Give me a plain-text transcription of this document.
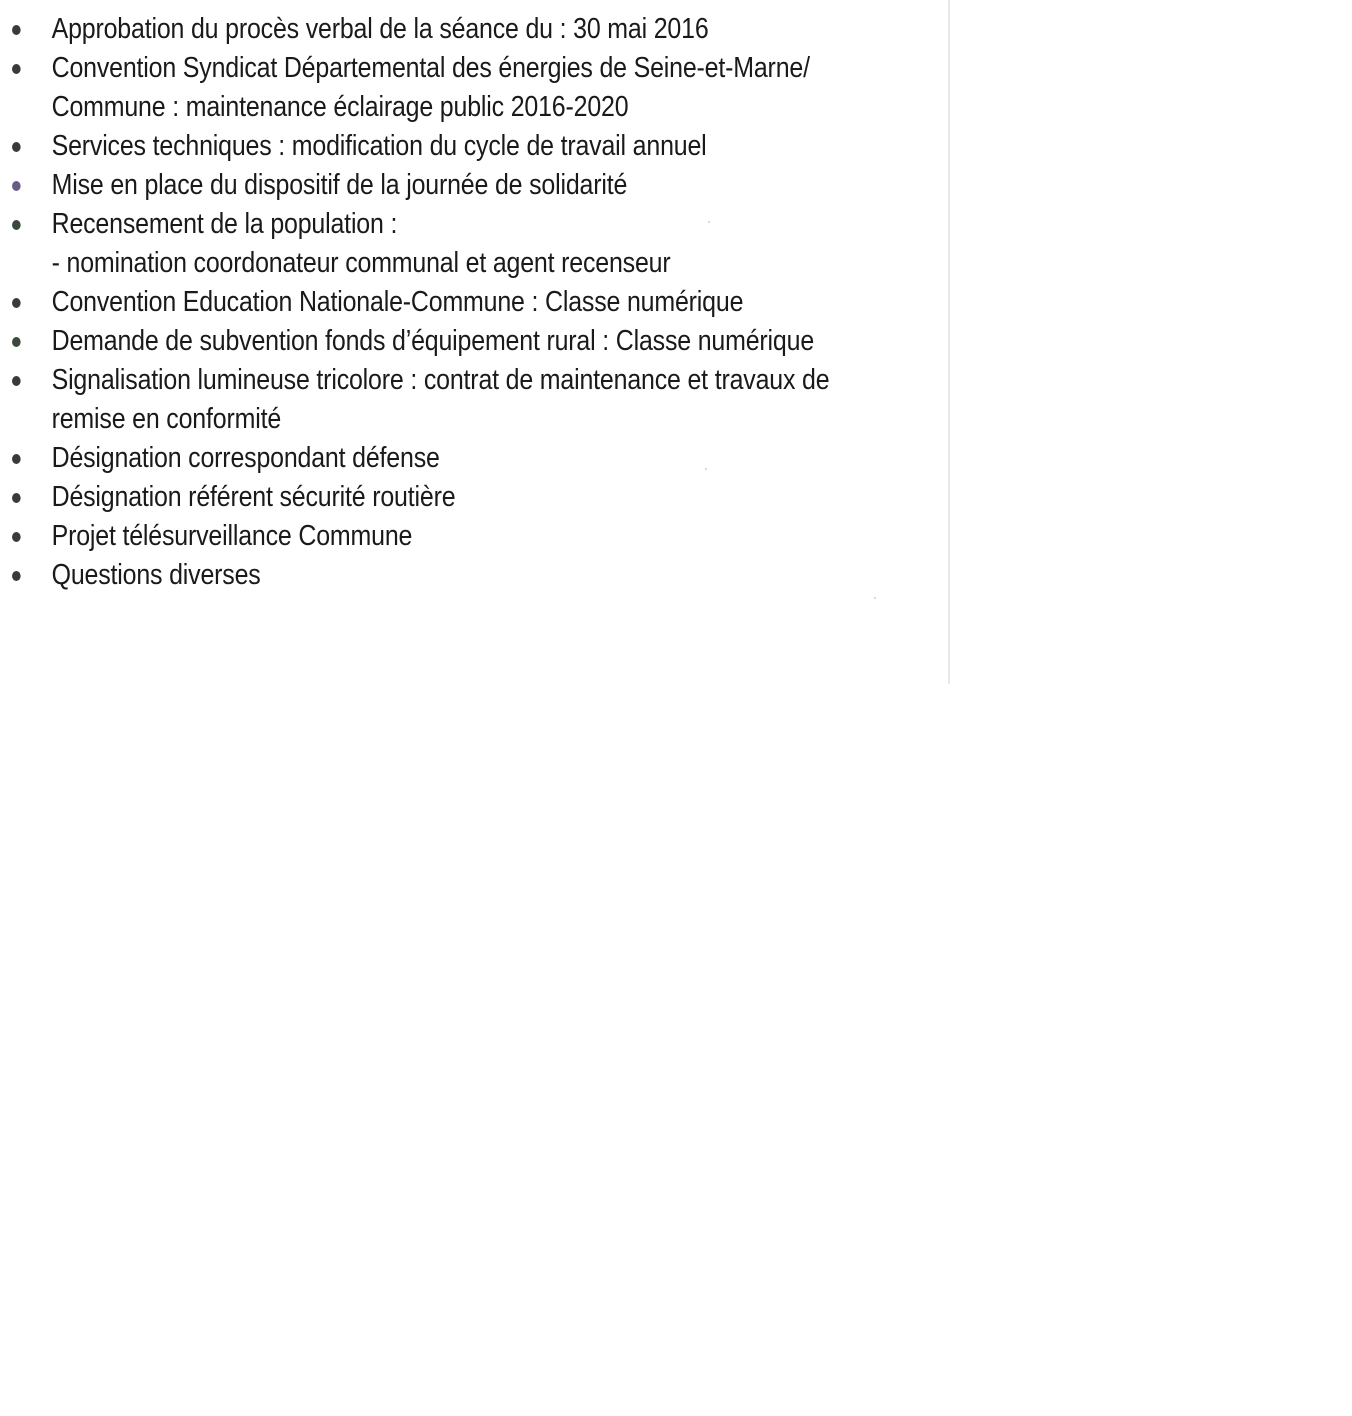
Approbation du procès verbal de la séance du : 30 mai 2016
Convention Syndicat Départemental des énergies de Seine-et-Marne/
Commune : maintenance éclairage public 2016-2020
Services techniques : modification du cycle de travail annuel
Mise en place du dispositif de la journée de solidarité
Recensement de la population :
- nomination coordonateur communal et agent recenseur
Convention Education Nationale-Commune : Classe numérique
Demande de subvention fonds d’équipement rural : Classe numérique
Signalisation lumineuse tricolore : contrat de maintenance et travaux de
remise en conformité
Désignation correspondant défense
Désignation référent sécurité routière
Projet télésurveillance Commune
Questions diverses
